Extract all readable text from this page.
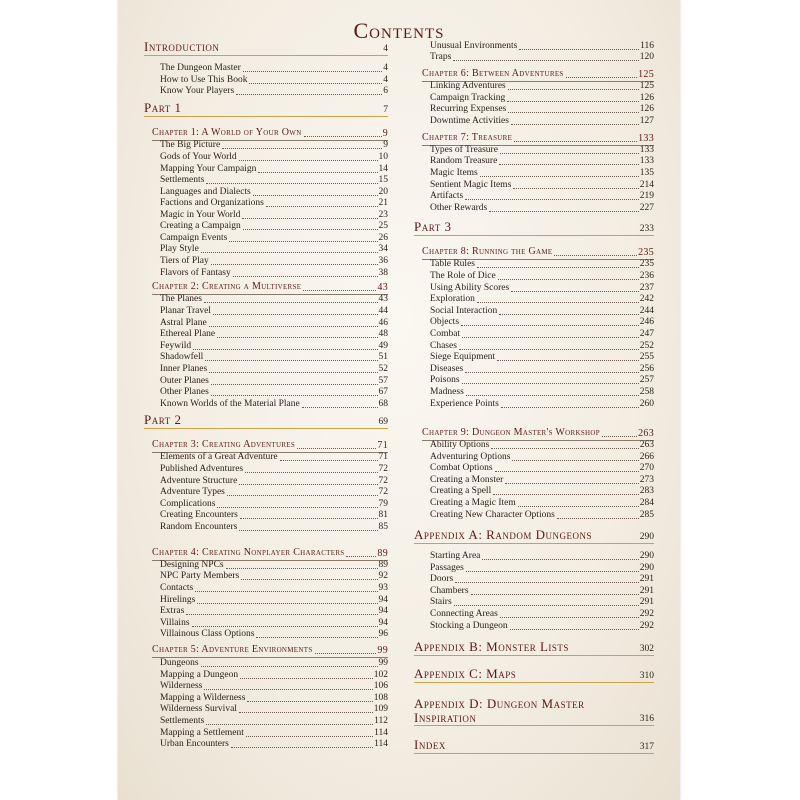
Contents
Introduction	4
The Dungeon Master	4
How to Use This Book	4
Know Your Players	6
Part 1	7
Chapter 1: A World of Your Own	9
The Big Picture	9
Gods of Your World	10
Mapping Your Campaign	14
Settlements	15
Languages and Dialects	20
Factions and Organizations	21
Magic in Your World	23
Creating a Campaign	25
Campaign Events	26
Play Style	34
Tiers of Play	36
Flavors of Fantasy	38
Chapter 2: Creating a Multiverse	43
The Planes	43
Planar Travel	44
Astral Plane	46
Ethereal Plane	48
Feywild	49
Shadowfell	51
Inner Planes	52
Outer Planes	57
Other Planes	67
Known Worlds of the Material Plane	68
Part 2	69
Chapter 3: Creating Adventures	71
Elements of a Great Adventure	71
Published Adventures	72
Adventure Structure	72
Adventure Types	72
Complications	79
Creating Encounters	81
Random Encounters	85
Chapter 4: Creating Nonplayer Characters	89
Designing NPCs	89
NPC Party Members	92
Contacts	93
Hirelings	94
Extras	94
Villains	94
Villainous Class Options	96
Chapter 5: Adventure Environments	99
Dungeons	99
Mapping a Dungeon	102
Wilderness	106
Mapping a Wilderness	108
Wilderness Survival	109
Settlements	112
Mapping a Settlement	114
Urban Encounters	114
Unusual Environments	116
Traps	120
Chapter 6: Between Adventures	125
Linking Adventures	125
Campaign Tracking	126
Recurring Expenses	126
Downtime Activities	127
Chapter 7: Treasure	133
Types of Treasure	133
Random Treasure	133
Magic Items	135
Sentient Magic Items	214
Artifacts	219
Other Rewards	227
Part 3	233
Chapter 8: Running the Game	235
Table Rules	235
The Role of Dice	236
Using Ability Scores	237
Exploration	242
Social Interaction	244
Objects	246
Combat	247
Chases	252
Siege Equipment	255
Diseases	256
Poisons	257
Madness	258
Experience Points	260
Chapter 9: Dungeon Master's Workshop	263
Ability Options	263
Adventuring Options	266
Combat Options	270
Creating a Monster	273
Creating a Spell	283
Creating a Magic Item	284
Creating New Character Options	285
Appendix A: Random Dungeons	290
Starting Area	290
Passages	290
Doors	291
Chambers	291
Stairs	291
Connecting Areas	292
Stocking a Dungeon	292
Appendix B: Monster Lists	302
Appendix C: Maps	310
Appendix D: Dungeon Master Inspiration	316
Index	317
